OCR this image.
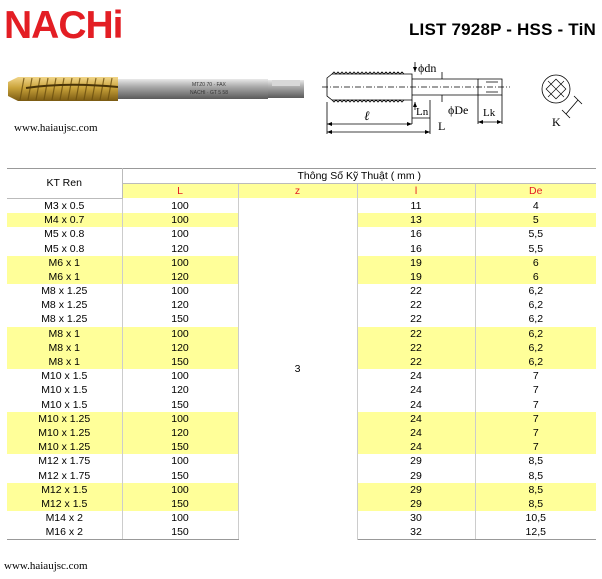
NACHi	LIST 7928P - HSS - TiN
MTZ0 70 · FAX
NACHI · GT 5 58
www.haiaujsc.com
ϕdn
ϕDe
ℓ	Ln
L
Lk
K
KT Ren	Thông Số Kỹ Thuật ( mm )			
	L	z	l	De
M3 x 0.5	100	3	11	4
M4 x 0.7	100		13	5
M5 x 0.8	100		16	5,5
M5 x 0.8	120		16	5,5
M6 x 1	100		19	6
M6 x 1	120		19	6
M8 x 1.25	100		22	6,2
M8 x 1.25	120		22	6,2
M8 x 1.25	150		22	6,2
M8 x 1	100		22	6,2
M8 x 1	120		22	6,2
M8 x 1	150		22	6,2
M10 x 1.5	100		24	7
M10 x 1.5	120		24	7
M10 x 1.5	150		24	7
M10 x 1.25	100		24	7
M10 x 1.25	120		24	7
M10 x 1.25	150		24	7
M12 x 1.75	100		29	8,5
M12 x 1.75	150		29	8,5
M12 x 1.5	100		29	8,5
M12 x 1.5	150		29	8,5
M14 x 2	100		30	10,5
M16 x 2	150		32	12,5
www.haiaujsc.com
